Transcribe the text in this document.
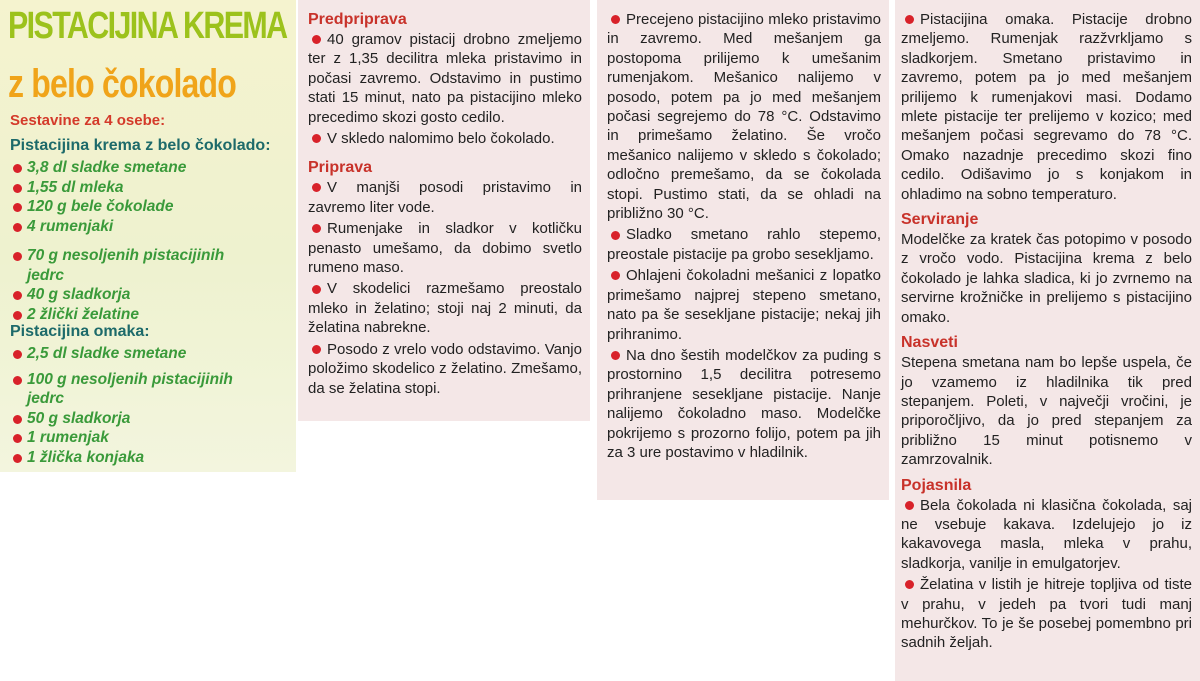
PISTACIJINA KREMA
z belo čokolado
Sestavine za 4 osebe:
Pistacijina krema z belo čokolado:
3,8 dl sladke smetane
1,55 dl mleka
120 g bele čokolade
4 rumenjaki
70 g nesoljenih pistacijinih
jedrc
40 g sladkorja
2 žlički želatine
Pistacijina omaka:
2,5 dl sladke smetane
100 g nesoljenih pistacijinih
jedrc
50 g sladkorja
1 rumenjak
1 žlička konjaka
Predpriprava

40 gramov pistacij drobno zmeljemo ter z 1,35 decilitra mleka pristavimo in počasi zavremo. Odstavimo in pustimo stati 15 minut, nato pa pistacijino mleko precedimo skozi gosto cedilo.

V skledo nalomimo belo čokolado.

Priprava

V manjši posodi pristavimo in zavremo liter vode.

Rumenjake in sladkor v kotličku penasto umešamo, da dobimo svetlo rumeno maso.

V skodelici razmešamo preostalo mleko in želatino; stoji naj 2 minuti, da želatina nabrekne.

Posodo z vrelo vodo odstavimo. Vanjo položimo skodelico z želatino. Zmešamo, da se želatina stopi.

Precejeno pistacijino mleko pristavimo in zavremo. Med mešanjem ga postopoma prilijemo k umešanim rumenjakom. Mešanico nalijemo v posodo, potem pa jo med mešanjem počasi segrejemo do 78 °C. Odstavimo in primešamo želatino. Še vročo mešanico nalijemo v skledo s čokolado; odločno premešamo, da se čokolada stopi. Pustimo stati, da se ohladi na približno 30 °C.

Sladko smetano rahlo stepemo, preostale pistacije pa grobo sesekljamo.

Ohlajeni čokoladni mešanici z lopatko primešamo najprej stepeno smetano, nato pa še sesekljane pistacije; nekaj jih prihranimo.

Na dno šestih modelčkov za puding s prostornino 1,5 decilitra potresemo prihranjene sesekljane pistacije. Nanje nalijemo čokoladno maso. Modelčke pokrijemo s prozorno folijo, potem pa jih za 3 ure postavimo v hladilnik.

Pistacijina omaka. Pistacije drobno zmeljemo. Rumenjak razžvrkljamo s sladkorjem. Smetano pristavimo in zavremo, potem pa jo med mešanjem prilijemo k rumenjakovi masi. Dodamo mlete pistacije ter prelijemo v kozico; med mešanjem počasi segrevamo do 78 °C. Omako nazadnje precedimo skozi fino cedilo. Odišavimo jo s konjakom in ohladimo na sobno temperaturo.

Serviranje

Modelčke za kratek čas potopimo v posodo z vročo vodo. Pistacijina krema z belo čokolado je lahka sladica, ki jo zvrnemo na servirne krožničke in prelijemo s pistacijino omako.

Nasveti

Stepena smetana nam bo lepše uspela, če jo vzamemo iz hladilnika tik pred stepanjem. Poleti, v največji vročini, je priporočljivo, da jo pred stepanjem za približno 15 minut potisnemo v zamrzovalnik.

Pojasnila

Bela čokolada ni klasična čokolada, saj ne vsebuje kakava. Izdelujejo jo iz kakavovega masla, mleka v prahu, sladkorja, vanilje in emulgatorjev.

Želatina v listih je hitreje topljiva od tiste v prahu, v jedeh pa tvori tudi manj mehurčkov. To je še posebej pomembno pri sadnih željah.
